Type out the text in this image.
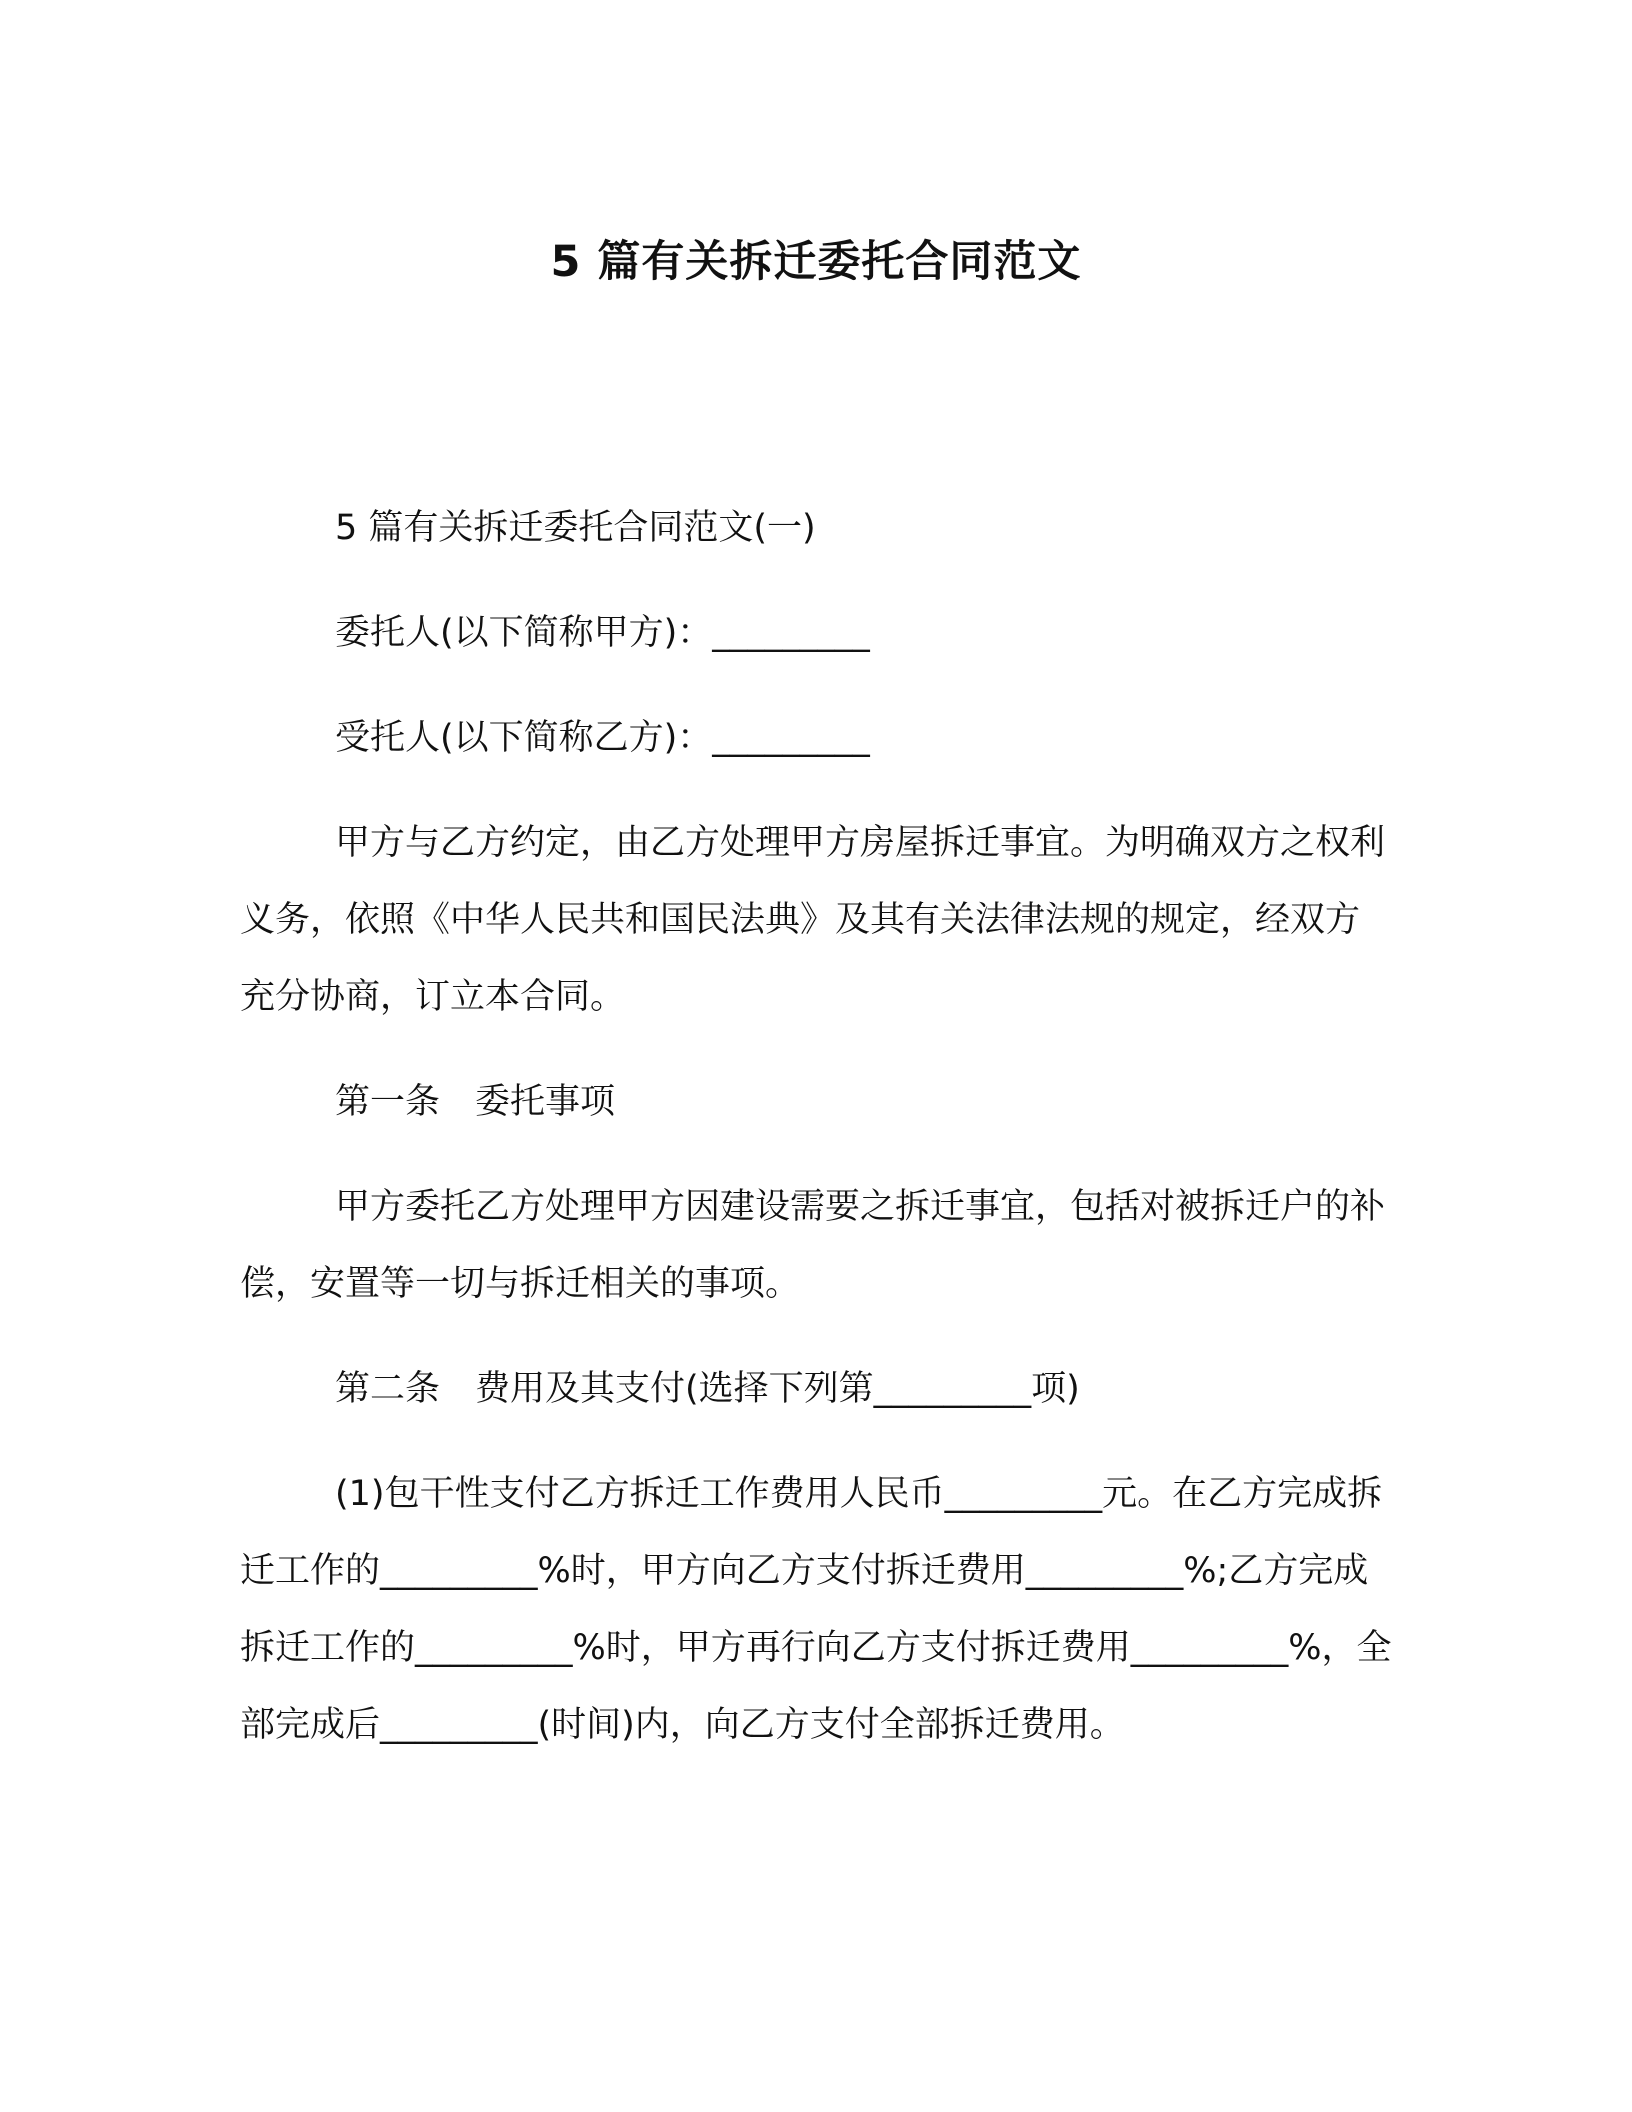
5 篇有关拆迁委托合同范文

5 篇有关拆迁委托合同范文(一)

委托人(以下简称甲方)：_________

受托人(以下简称乙方)：_________

甲方与乙方约定，由乙方处理甲方房屋拆迁事宜。为明确双方之权利义务，依照《中华人民共和国民法典》及其有关法律法规的规定，经双方充分协商，订立本合同。

第一条　委托事项

甲方委托乙方处理甲方因建设需要之拆迁事宜，包括对被拆迁户的补偿，安置等一切与拆迁相关的事项。

第二条　费用及其支付(选择下列第_________项)

(1)包干性支付乙方拆迁工作费用人民币_________元。在乙方完成拆迁工作的_________%时，甲方向乙方支付拆迁费用_________%;乙方完成拆迁工作的_________%时，甲方再行向乙方支付拆迁费用_________%，全部完成后_________(时间)内，向乙方支付全部拆迁费用。
